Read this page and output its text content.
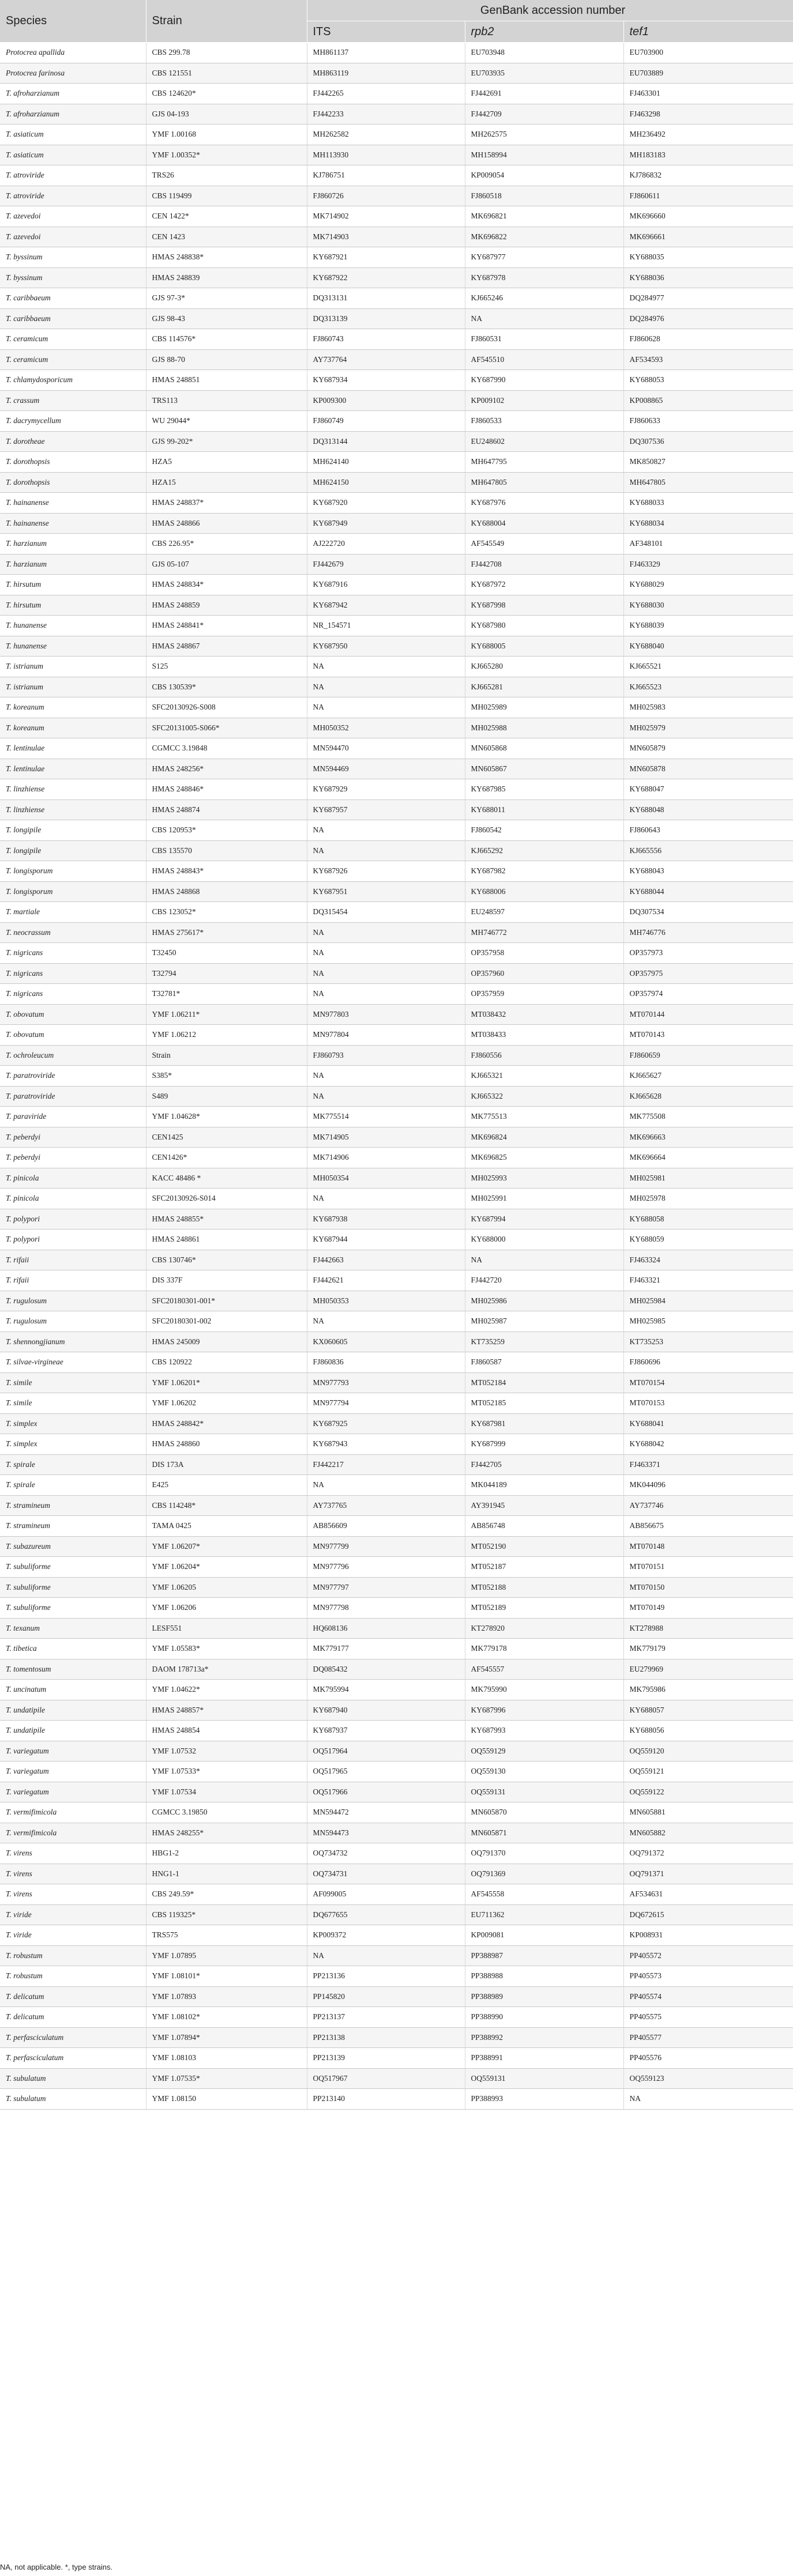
Species	Strain	GenBank accession number		
		ITS	rpb2	tef1
Protocrea apallida	CBS 299.78	MH861137	EU703948	EU703900
Protocrea farinosa	CBS 121551	MH863119	EU703935	EU703889
T. afroharzianum	CBS 124620*	FJ442265	FJ442691	FJ463301
T. afroharzianum	GJS 04-193	FJ442233	FJ442709	FJ463298
T. asiaticum	YMF 1.00168	MH262582	MH262575	MH236492
T. asiaticum	YMF 1.00352*	MH113930	MH158994	MH183183
T. atroviride	TRS26	KJ786751	KP009054	KJ786832
T. atroviride	CBS 119499	FJ860726	FJ860518	FJ860611
T. azevedoi	CEN 1422*	MK714902	MK696821	MK696660
T. azevedoi	CEN 1423	MK714903	MK696822	MK696661
T. byssinum	HMAS 248838*	KY687921	KY687977	KY688035
T. byssinum	HMAS 248839	KY687922	KY687978	KY688036
T. caribbaeum	GJS 97-3*	DQ313131	KJ665246	DQ284977
T. caribbaeum	GJS 98-43	DQ313139	NA	DQ284976
T. ceramicum	CBS 114576*	FJ860743	FJ860531	FJ860628
T. ceramicum	GJS 88-70	AY737764	AF545510	AF534593
T. chlamydosporicum	HMAS 248851	KY687934	KY687990	KY688053
T. crassum	TRS113	KP009300	KP009102	KP008865
T. dacrymycellum	WU 29044*	FJ860749	FJ860533	FJ860633
T. dorotheae	GJS 99-202*	DQ313144	EU248602	DQ307536
T. dorothopsis	HZA5	MH624140	MH647795	MK850827
T. dorothopsis	HZA15	MH624150	MH647805	MH647805
T. hainanense	HMAS 248837*	KY687920	KY687976	KY688033
T. hainanense	HMAS 248866	KY687949	KY688004	KY688034
T. harzianum	CBS 226.95*	AJ222720	AF545549	AF348101
T. harzianum	GJS 05-107	FJ442679	FJ442708	FJ463329
T. hirsutum	HMAS 248834*	KY687916	KY687972	KY688029
T. hirsutum	HMAS 248859	KY687942	KY687998	KY688030
T. hunanense	HMAS 248841*	NR_154571	KY687980	KY688039
T. hunanense	HMAS 248867	KY687950	KY688005	KY688040
T. istrianum	S125	NA	KJ665280	KJ665521
T. istrianum	CBS 130539*	NA	KJ665281	KJ665523
T. koreanum	SFC20130926-S008	NA	MH025989	MH025983
T. koreanum	SFC20131005-S066*	MH050352	MH025988	MH025979
T. lentinulae	CGMCC 3.19848	MN594470	MN605868	MN605879
T. lentinulae	HMAS 248256*	MN594469	MN605867	MN605878
T. linzhiense	HMAS 248846*	KY687929	KY687985	KY688047
T. linzhiense	HMAS 248874	KY687957	KY688011	KY688048
T. longipile	CBS 120953*	NA	FJ860542	FJ860643
T. longipile	CBS 135570	NA	KJ665292	KJ665556
T. longisporum	HMAS 248843*	KY687926	KY687982	KY688043
T. longisporum	HMAS 248868	KY687951	KY688006	KY688044
T. martiale	CBS 123052*	DQ315454	EU248597	DQ307534
T. neocrassum	HMAS 275617*	NA	MH746772	MH746776
T. nigricans	T32450	NA	OP357958	OP357973
T. nigricans	T32794	NA	OP357960	OP357975
T. nigricans	T32781*	NA	OP357959	OP357974
T. obovatum	YMF 1.06211*	MN977803	MT038432	MT070144
T. obovatum	YMF 1.06212	MN977804	MT038433	MT070143
T. ochroleucum	Strain	FJ860793	FJ860556	FJ860659
T. paratroviride	S385*	NA	KJ665321	KJ665627
T. paratroviride	S489	NA	KJ665322	KJ665628
T. paraviride	YMF 1.04628*	MK775514	MK775513	MK775508
T. peberdyi	CEN1425	MK714905	MK696824	MK696663
T. peberdyi	CEN1426*	MK714906	MK696825	MK696664
T. pinicola	KACC 48486 *	MH050354	MH025993	MH025981
T. pinicola	SFC20130926-S014	NA	MH025991	MH025978
T. polypori	HMAS 248855*	KY687938	KY687994	KY688058
T. polypori	HMAS 248861	KY687944	KY688000	KY688059
T. rifaii	CBS 130746*	FJ442663	NA	FJ463324
T. rifaii	DIS 337F	FJ442621	FJ442720	FJ463321
T. rugulosum	SFC20180301-001*	MH050353	MH025986	MH025984
T. rugulosum	SFC20180301-002	NA	MH025987	MH025985
T. shennongjianum	HMAS 245009	KX060605	KT735259	KT735253
T. silvae-virgineae	CBS 120922	FJ860836	FJ860587	FJ860696
T. simile	YMF 1.06201*	MN977793	MT052184	MT070154
T. simile	YMF 1.06202	MN977794	MT052185	MT070153
T. simplex	HMAS 248842*	KY687925	KY687981	KY688041
T. simplex	HMAS 248860	KY687943	KY687999	KY688042
T. spirale	DIS 173A	FJ442217	FJ442705	FJ463371
T. spirale	E425	NA	MK044189	MK044096
T. stramineum	CBS 114248*	AY737765	AY391945	AY737746
T. stramineum	TAMA 0425	AB856609	AB856748	AB856675
T. subazureum	YMF 1.06207*	MN977799	MT052190	MT070148
T. subuliforme	YMF 1.06204*	MN977796	MT052187	MT070151
T. subuliforme	YMF 1.06205	MN977797	MT052188	MT070150
T. subuliforme	YMF 1.06206	MN977798	MT052189	MT070149
T. texanum	LESF551	HQ608136	KT278920	KT278988
T. tibetica	YMF 1.05583*	MK779177	MK779178	MK779179
T. tomentosum	DAOM 178713a*	DQ085432	AF545557	EU279969
T. uncinatum	YMF 1.04622*	MK795994	MK795990	MK795986
T. undatipile	HMAS 248857*	KY687940	KY687996	KY688057
T. undatipile	HMAS 248854	KY687937	KY687993	KY688056
T. variegatum	YMF 1.07532	OQ517964	OQ559129	OQ559120
T. variegatum	YMF 1.07533*	OQ517965	OQ559130	OQ559121
T. variegatum	YMF 1.07534	OQ517966	OQ559131	OQ559122
T. vermifimicola	CGMCC 3.19850	MN594472	MN605870	MN605881
T. vermifimicola	HMAS 248255*	MN594473	MN605871	MN605882
T. virens	HBG1-2	OQ734732	OQ791370	OQ791372
T. virens	HNG1-1	OQ734731	OQ791369	OQ791371
T. virens	CBS 249.59*	AF099005	AF545558	AF534631
T. viride	CBS 119325*	DQ677655	EU711362	DQ672615
T. viride	TRS575	KP009372	KP009081	KP008931
T. robustum	YMF 1.07895	NA	PP388987	PP405572
T. robustum	YMF 1.08101*	PP213136	PP388988	PP405573
T. delicatum	YMF 1.07893	PP145820	PP388989	PP405574
T. delicatum	YMF 1.08102*	PP213137	PP388990	PP405575
T. perfasciculatum	YMF 1.07894*	PP213138	PP388992	PP405577
T. perfasciculatum	YMF 1.08103	PP213139	PP388991	PP405576
T. subulatum	YMF 1.07535*	OQ517967	OQ559131	OQ559123
T. subulatum	YMF 1.08150	PP213140	PP388993	NA
NA, not applicable. *, type strains.
